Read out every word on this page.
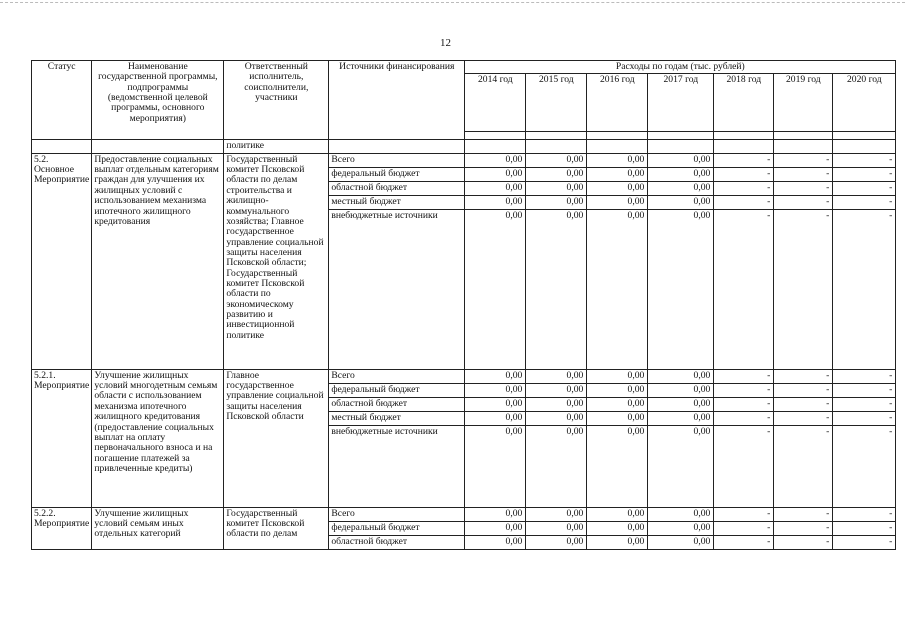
12
Статус	Наименование государственной программы, подпрограммы (ведомственной целевой программы, основного мероприятия)	Ответственный исполнитель, соисполнители, участники	Источники финансирования	Расходы по годам (тыс. рублей)						
				2014 год	2015 год	2016 год	2017 год	2018 год	2019 год	2020 год

		политике								
5.2. Основное Мероприятие	Предоставление социальных выплат отдельным категориям граждан для улучшения их жилищных условий с использованием механизма ипотечного жилищного кредитования	Государственный комитет Псковской области по делам строительства и жилищно-коммунального хозяйства; Главное государственное управление социальной защиты населения Псковской области; Государственный комитет Псковской области по экономическому развитию и инвестиционной политике	Всего	0,00	0,00	0,00	0,00	-	-	-
			федеральный бюджет	0,00	0,00	0,00	0,00	-	-	-
			областной бюджет	0,00	0,00	0,00	0,00	-	-	-
			местный бюджет	0,00	0,00	0,00	0,00	-	-	-
			внебюджетные источники	0,00	0,00	0,00	0,00	-	-	-
5.2.1. Мероприятие	Улучшение жилищных условий многодетным семьям области с использованием механизма ипотечного жилищного кредитования (предоставление социальных выплат на оплату первоначального взноса и на погашение платежей за привлеченные кредиты)	Главное государственное управление социальной защиты населения Псковской области	Всего	0,00	0,00	0,00	0,00	-	-	-
			федеральный бюджет	0,00	0,00	0,00	0,00	-	-	-
			областной бюджет	0,00	0,00	0,00	0,00	-	-	-
			местный бюджет	0,00	0,00	0,00	0,00	-	-	-
			внебюджетные источники	0,00	0,00	0,00	0,00	-	-	-
5.2.2. Мероприятие	Улучшение жилищных условий семьям иных отдельных категорий	Государственный комитет Псковской области по делам	Всего	0,00	0,00	0,00	0,00	-	-	-
			федеральный бюджет	0,00	0,00	0,00	0,00	-	-	-
			областной бюджет	0,00	0,00	0,00	0,00	-	-	-
